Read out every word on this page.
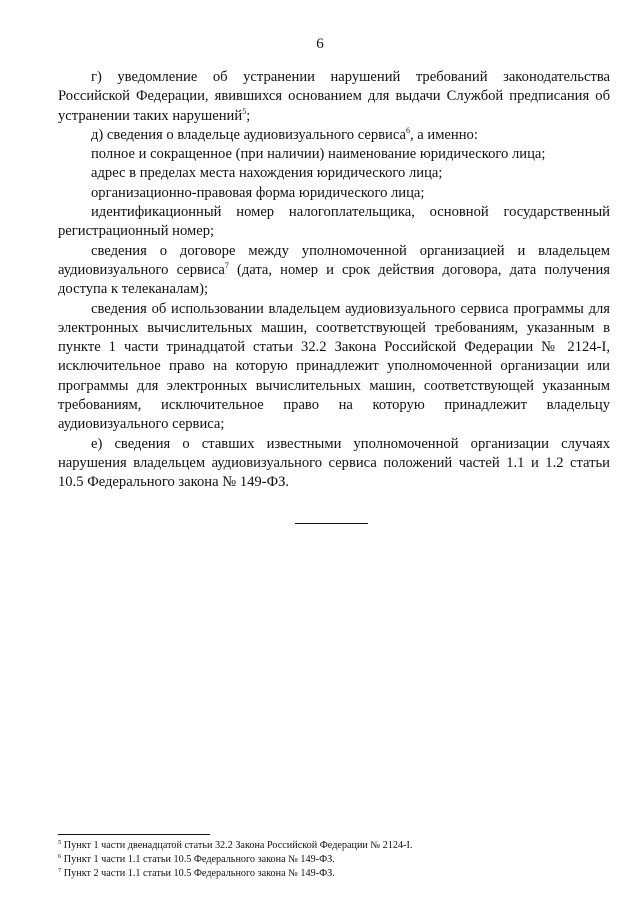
6

г) уведомление об устранении нарушений требований законодательства Российской Федерации, явившихся основанием для выдачи Службой предписания об устранении таких нарушений$^5$;

д) сведения о владельце аудиовизуального сервиса$^6$, а именно:

полное и сокращенное (при наличии) наименование юридического лица;

адрес в пределах места нахождения юридического лица;

организационно-правовая форма юридического лица;

идентификационный номер налогоплательщика, основной государственный регистрационный номер;

сведения о договоре между уполномоченной организацией и владельцем аудиовизуального сервиса$^7$ (дата, номер и срок действия договора, дата получения доступа к телеканалам);

сведения об использовании владельцем аудиовизуального сервиса программы для электронных вычислительных машин, соответствующей требованиям, указанным в пункте 1 части тринадцатой статьи 32.2 Закона Российской Федерации № 2124-I, исключительное право на которую принадлежит уполномоченной организации или программы для электронных вычислительных машин, соответствующей указанным требованиям, исключительное право на которую принадлежит владельцу аудиовизуального сервиса;

е) сведения о ставших известными уполномоченной организации случаях нарушения владельцем аудиовизуального сервиса положений частей 1.1 и 1.2 статьи 10.5 Федерального закона № 149-ФЗ.

$^5$ Пункт 1 части двенадцатой статьи 32.2 Закона Российской Федерации № 2124-I.

$^6$ Пункт 1 части 1.1 статьи 10.5 Федерального закона № 149-ФЗ.

$^7$ Пункт 2 части 1.1 статьи 10.5 Федерального закона № 149-ФЗ.
